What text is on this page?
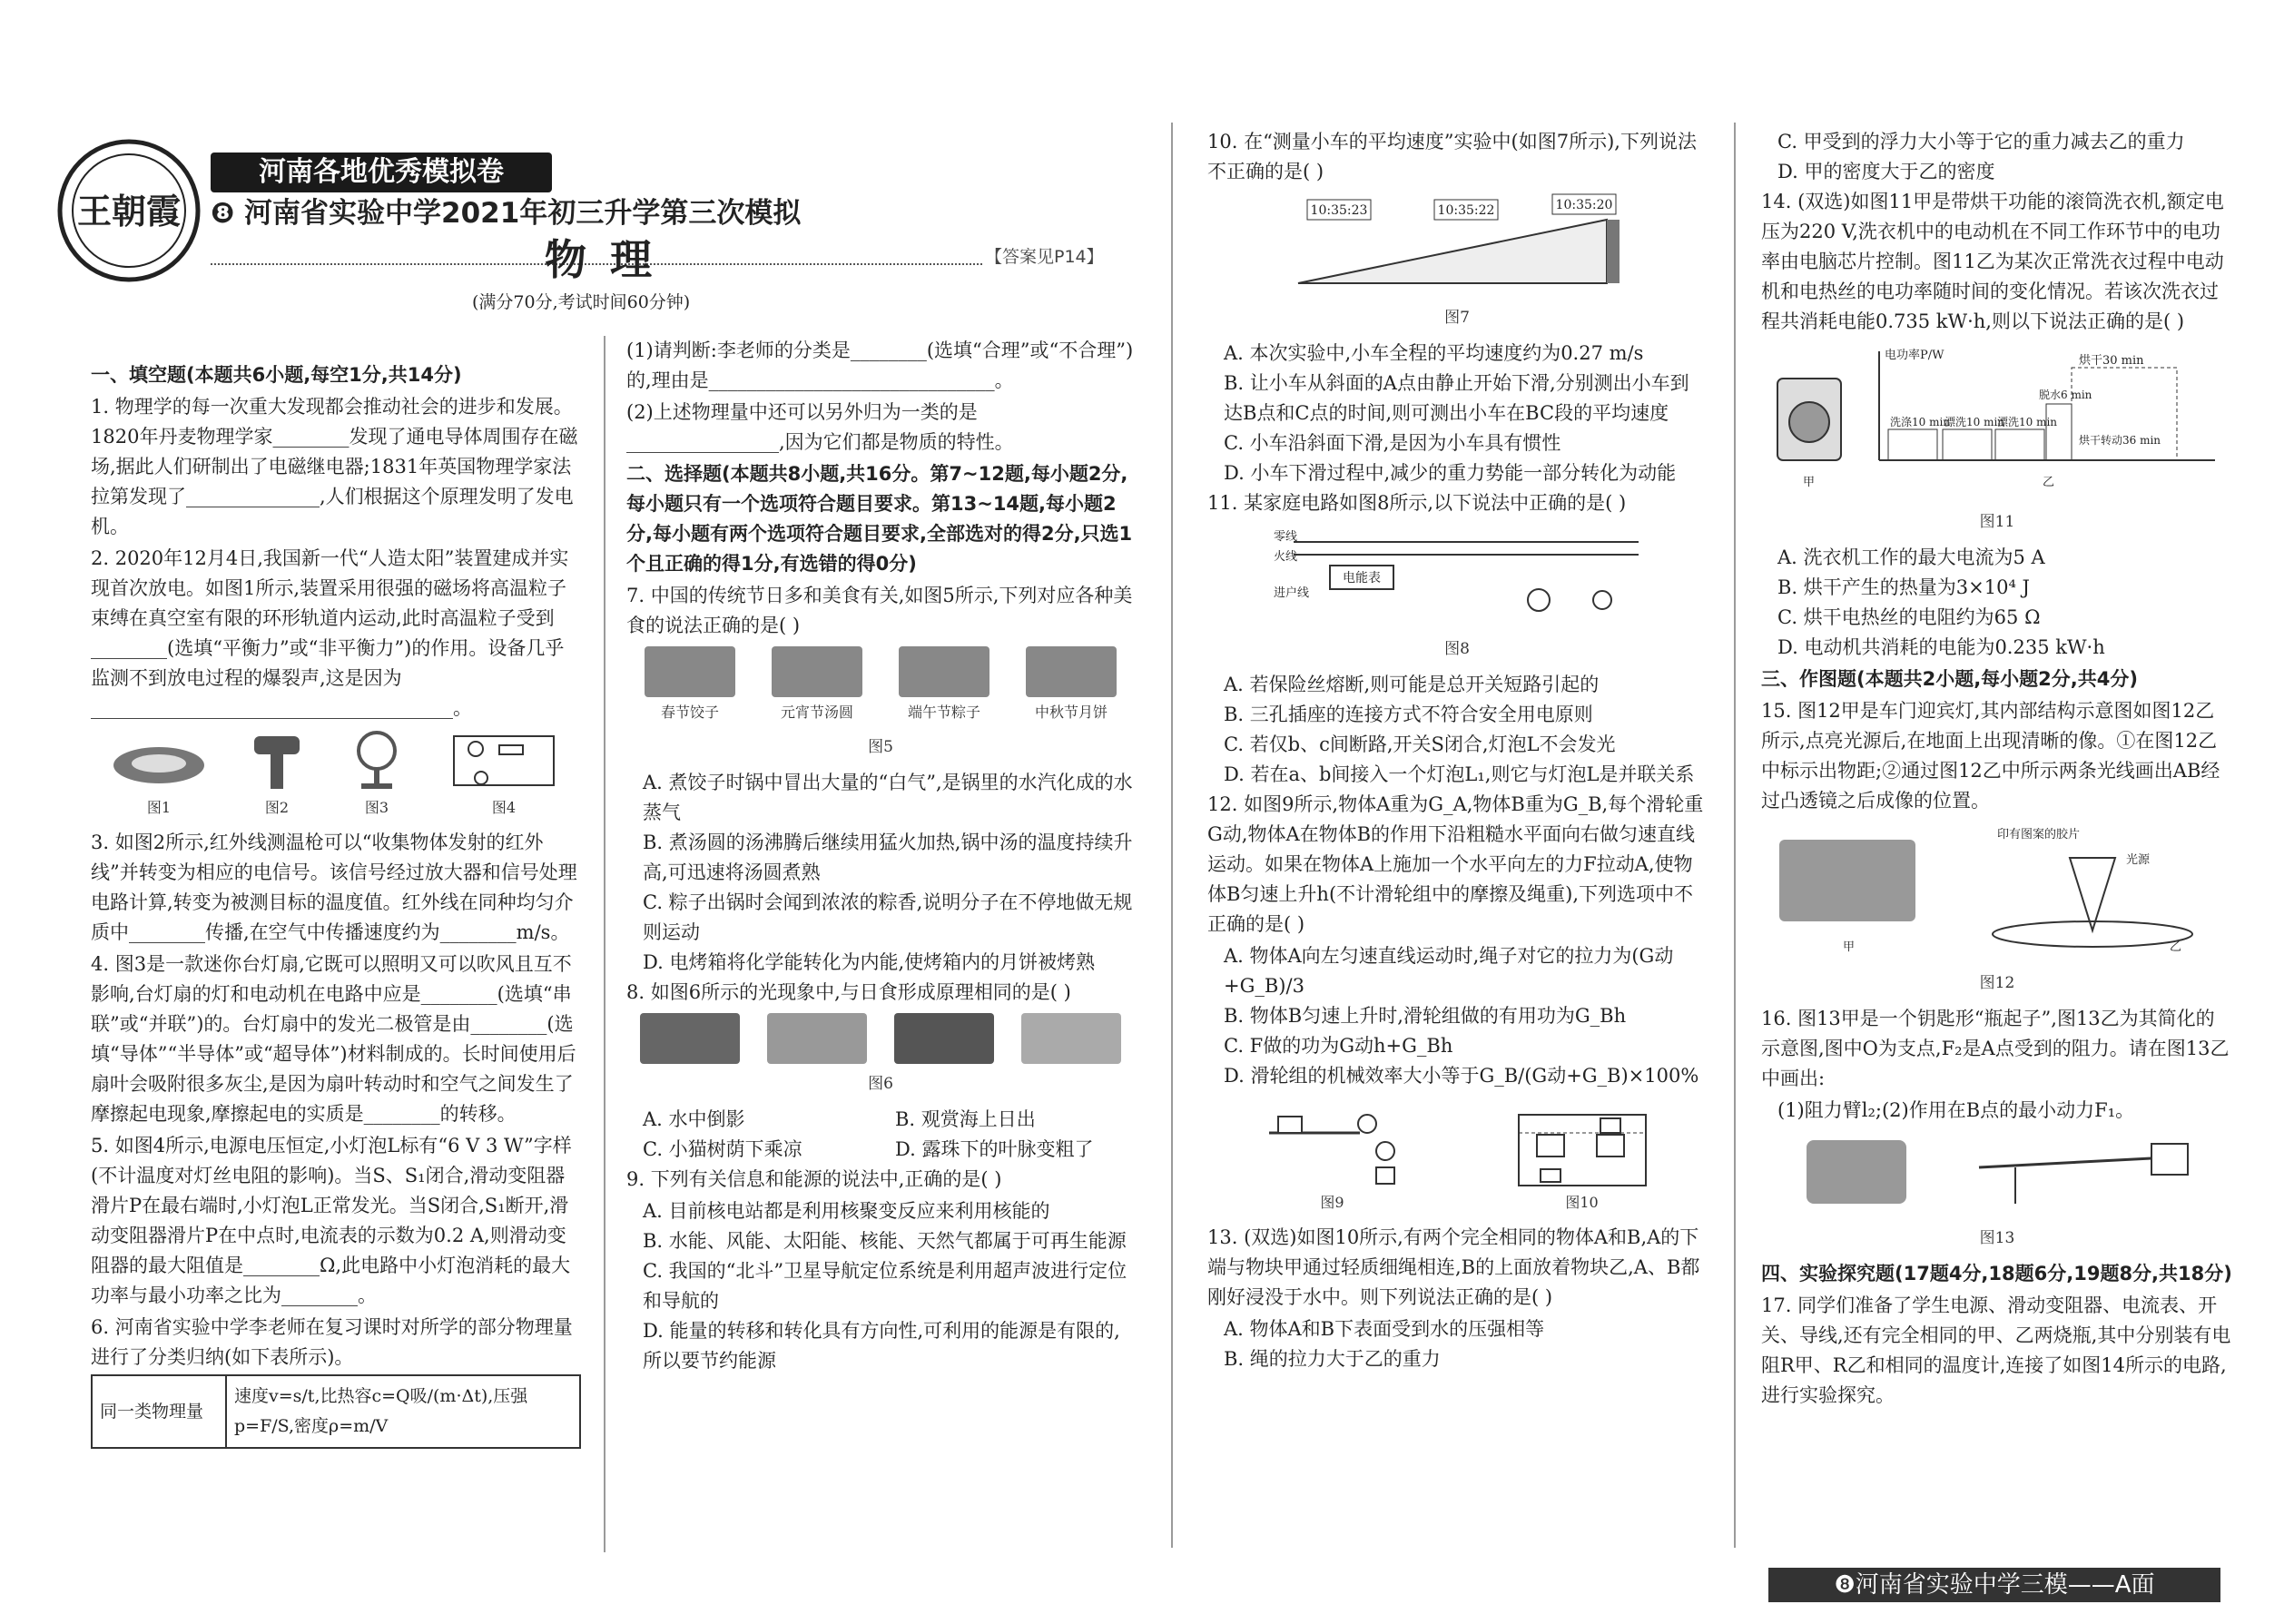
王朝霞
河南各地优秀模拟卷
❽ 河南省实验中学2021年初三升学第三次模拟
物理	【答案见P14】
(满分70分,考试时间60分钟)
一、填空题(本题共6小题,每空1分,共14分)
1. 物理学的每一次重大发现都会推动社会的进步和发展。1820年丹麦物理学家________发现了通电导体周围存在磁场,据此人们研制出了电磁继电器;1831年英国物理学家法拉第发现了______________,人们根据这个原理发明了发电机。
2. 2020年12月4日,我国新一代“人造太阳”装置建成并实现首次放电。如图1所示,装置采用很强的磁场将高温粒子束缚在真空室有限的环形轨道内运动,此时高温粒子受到________(选填“平衡力”或“非平衡力”)的作用。设备几乎监测不到放电过程的爆裂声,这是因为______________________________________。
图1	图2	图3	图4
3. 如图2所示,红外线测温枪可以“收集物体发射的红外线”并转变为相应的电信号。该信号经过放大器和信号处理电路计算,转变为被测目标的温度值。红外线在同种均匀介质中________传播,在空气中传播速度约为________m/s。
4. 图3是一款迷你台灯扇,它既可以照明又可以吹风且互不影响,台灯扇的灯和电动机在电路中应是________(选填“串联”或“并联”)的。台灯扇中的发光二极管是由________(选填“导体”“半导体”或“超导体”)材料制成的。长时间使用后扇叶会吸附很多灰尘,是因为扇叶转动时和空气之间发生了摩擦起电现象,摩擦起电的实质是________的转移。
5. 如图4所示,电源电压恒定,小灯泡L标有“6 V 3 W”字样(不计温度对灯丝电阻的影响)。当S、S₁闭合,滑动变阻器滑片P在最右端时,小灯泡L正常发光。当S闭合,S₁断开,滑动变阻器滑片P在中点时,电流表的示数为0.2 A,则滑动变阻器的最大阻值是________Ω,此电路中小灯泡消耗的最大功率与最小功率之比为________。
6. 河南省实验中学李老师在复习课时对所学的部分物理量进行了分类归纳(如下表所示)。
同一类物理量	速度v=s/t,比热容c=Q吸/(m·Δt),压强p=F/S,密度ρ=m/V
(1)请判断:李老师的分类是________(选填“合理”或“不合理”)的,理由是______________________________。
(2)上述物理量中还可以另外归为一类的是________________,因为它们都是物质的特性。
二、选择题(本题共8小题,共16分。第7~12题,每小题2分,每小题只有一个选项符合题目要求。第13~14题,每小题2分,每小题有两个选项符合题目要求,全部选对的得2分,只选1个且正确的得1分,有选错的得0分)
7. 中国的传统节日多和美食有关,如图5所示,下列对应各种美食的说法正确的是( )
春节饺子	元宵节汤圆	端午节粽子	中秋节月饼
图5
A. 煮饺子时锅中冒出大量的“白气”,是锅里的水汽化成的水蒸气
B. 煮汤圆的汤沸腾后继续用猛火加热,锅中汤的温度持续升高,可迅速将汤圆煮熟
C. 粽子出锅时会闻到浓浓的粽香,说明分子在不停地做无规则运动
D. 电烤箱将化学能转化为内能,使烤箱内的月饼被烤熟
8. 如图6所示的光现象中,与日食形成原理相同的是( )
图6
A. 水中倒影	B. 观赏海上日出
C. 小猫树荫下乘凉	D. 露珠下的叶脉变粗了
9. 下列有关信息和能源的说法中,正确的是( )
A. 目前核电站都是利用核聚变反应来利用核能的
B. 水能、风能、太阳能、核能、天然气都属于可再生能源
C. 我国的“北斗”卫星导航定位系统是利用超声波进行定位和导航的
D. 能量的转移和转化具有方向性,可利用的能源是有限的,所以要节约能源
10. 在“测量小车的平均速度”实验中(如图7所示),下列说法不正确的是( )
10:35:23	10:35:22	10:35:20
图7
A. 本次实验中,小车全程的平均速度约为0.27 m/s
B. 让小车从斜面的A点由静止开始下滑,分别测出小车到达B点和C点的时间,则可测出小车在BC段的平均速度
C. 小车沿斜面下滑,是因为小车具有惯性
D. 小车下滑过程中,减少的重力势能一部分转化为动能
11. 某家庭电路如图8所示,以下说法中正确的是( )
电能表
零线
火线
进户线
图8
A. 若保险丝熔断,则可能是总开关短路引起的
B. 三孔插座的连接方式不符合安全用电原则
C. 若仅b、c间断路,开关S闭合,灯泡L不会发光
D. 若在a、b间接入一个灯泡L₁,则它与灯泡L是并联关系
12. 如图9所示,物体A重为G_A,物体B重为G_B,每个滑轮重G动,物体A在物体B的作用下沿粗糙水平面向右做匀速直线运动。如果在物体A上施加一个水平向左的力F拉动A,使物体B匀速上升h(不计滑轮组中的摩擦及绳重),下列选项中不正确的是( )
A. 物体A向左匀速直线运动时,绳子对它的拉力为(G动+G_B)/3
B. 物体B匀速上升时,滑轮组做的有用功为G_Bh
C. F做的功为G动h+G_Bh
D. 滑轮组的机械效率大小等于G_B/(G动+G_B)×100%
图9	图10
13. (双选)如图10所示,有两个完全相同的物体A和B,A的下端与物块甲通过轻质细绳相连,B的上面放着物块乙,A、B都刚好浸没于水中。则下列说法正确的是( )
A. 物体A和B下表面受到水的压强相等
B. 绳的拉力大于乙的重力
C. 甲受到的浮力大小等于它的重力减去乙的重力
D. 甲的密度大于乙的密度
14. (双选)如图11甲是带烘干功能的滚筒洗衣机,额定电压为220 V,洗衣机中的电动机在不同工作环节中的电功率由电脑芯片控制。图11乙为某次正常洗衣过程中电动机和电热丝的电功率随时间的变化情况。若该次洗衣过程共消耗电能0.735 kW·h,则以下说法正确的是( )
电功率P/W	烘干30 min
脱水6 min
洗涤10 min
漂洗10 min
漂洗10 min
烘干转动36 min
甲	乙
图11
A. 洗衣机工作的最大电流为5 A
B. 烘干产生的热量为3×10⁴ J
C. 烘干电热丝的电阻约为65 Ω
D. 电动机共消耗的电能为0.235 kW·h
三、作图题(本题共2小题,每小题2分,共4分)
15. 图12甲是车门迎宾灯,其内部结构示意图如图12乙所示,点亮光源后,在地面上出现清晰的像。①在图12乙中标示出物距;②通过图12乙中所示两条光线画出AB经过凸透镜之后成像的位置。
印有图案的胶片
光源
甲	乙
图12
16. 图13甲是一个钥匙形“瓶起子”,图13乙为其简化的示意图,图中O为支点,F₂是A点受到的阻力。请在图13乙中画出:
(1)阻力臂l₂;(2)作用在B点的最小动力F₁。
图13
四、实验探究题(17题4分,18题6分,19题8分,共18分)
17. 同学们准备了学生电源、滑动变阻器、电流表、开关、导线,还有完全相同的甲、乙两烧瓶,其中分别装有电阻R甲、R乙和相同的温度计,连接了如图14所示的电路,进行实验探究。
❽河南省实验中学三模——A面
